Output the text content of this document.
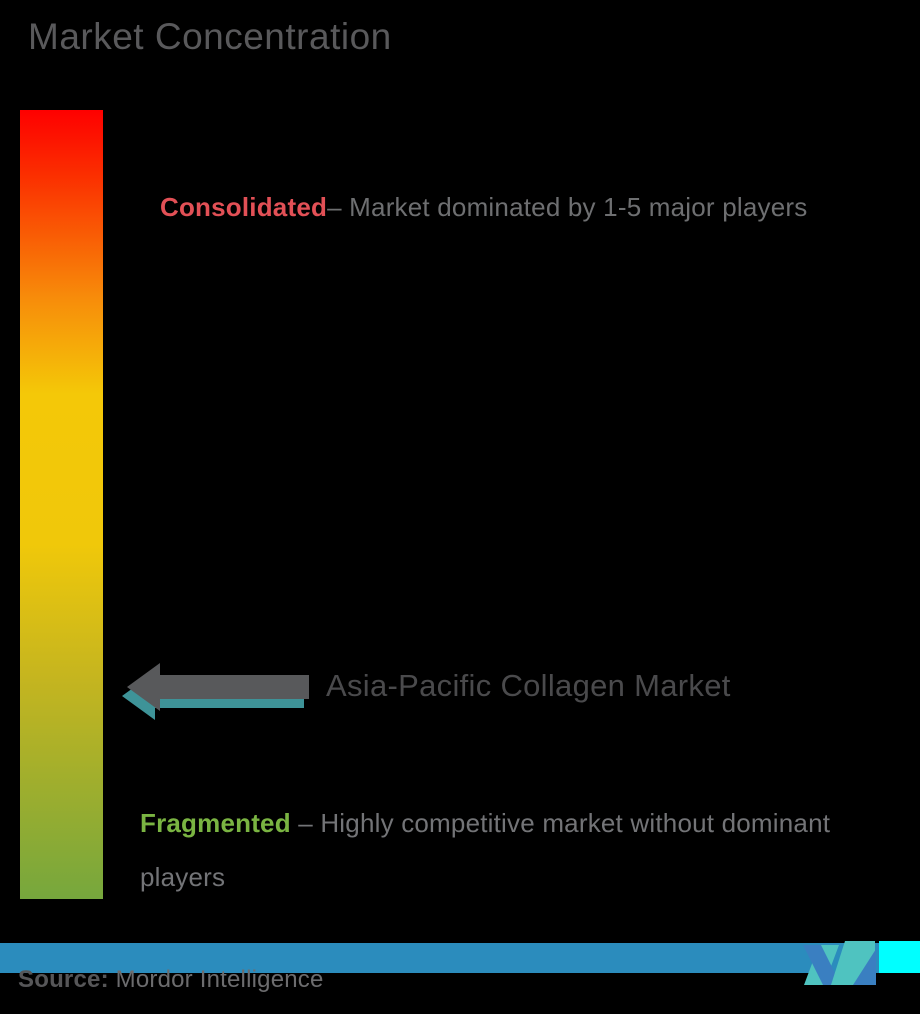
Market Concentration
Consolidated– Market dominated by 1-5 major players
Asia-Pacific Collagen Market
Fragmented – Highly competitive market without dominant players
Source: Mordor Intelligence
